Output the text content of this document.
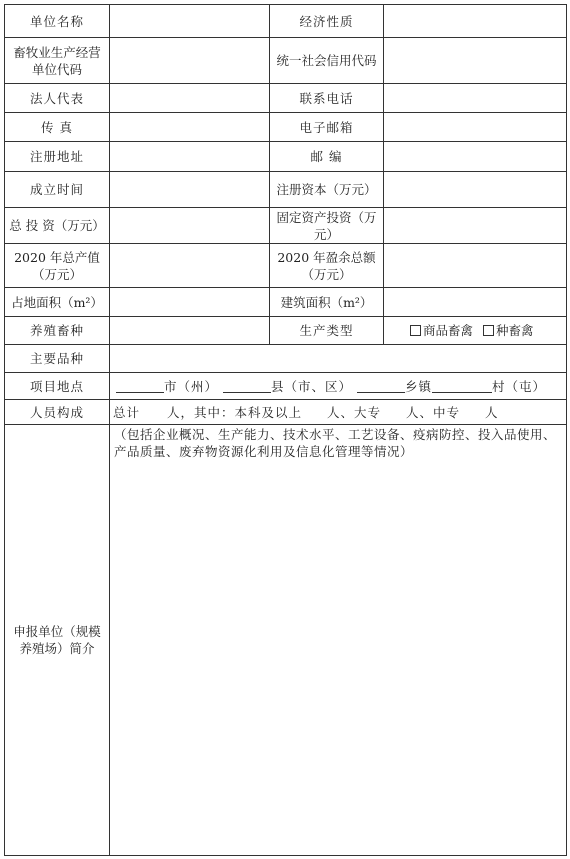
单位名称		经济性质	
畜牧业生产经营单位代码		统一社会信用代码	
法人代表		联系电话	
传 真		电子邮箱	
注册地址		邮 编	
成立时间		注册资本（万元）	
总 投 资（万元）		固定资产投资（万元）	
2020 年总产值（万元）		2020 年盈余总额（万元）	
占地面积（m²）		建筑面积（m²）	
养殖畜种		生产类型	商品畜禽 种畜禽
主要品种			
项目地点	市（州） 县（市、区） 乡镇 村（屯）		
人员构成	总计 人，其中：本科及以上 人、大专 人、中专 人		
申报单位（规模养殖场）简介	（包括企业概况、生产能力、技术水平、工艺设备、疫病防控、投入品使用、产品质量、废弃物资源化利用及信息化管理等情况）		
